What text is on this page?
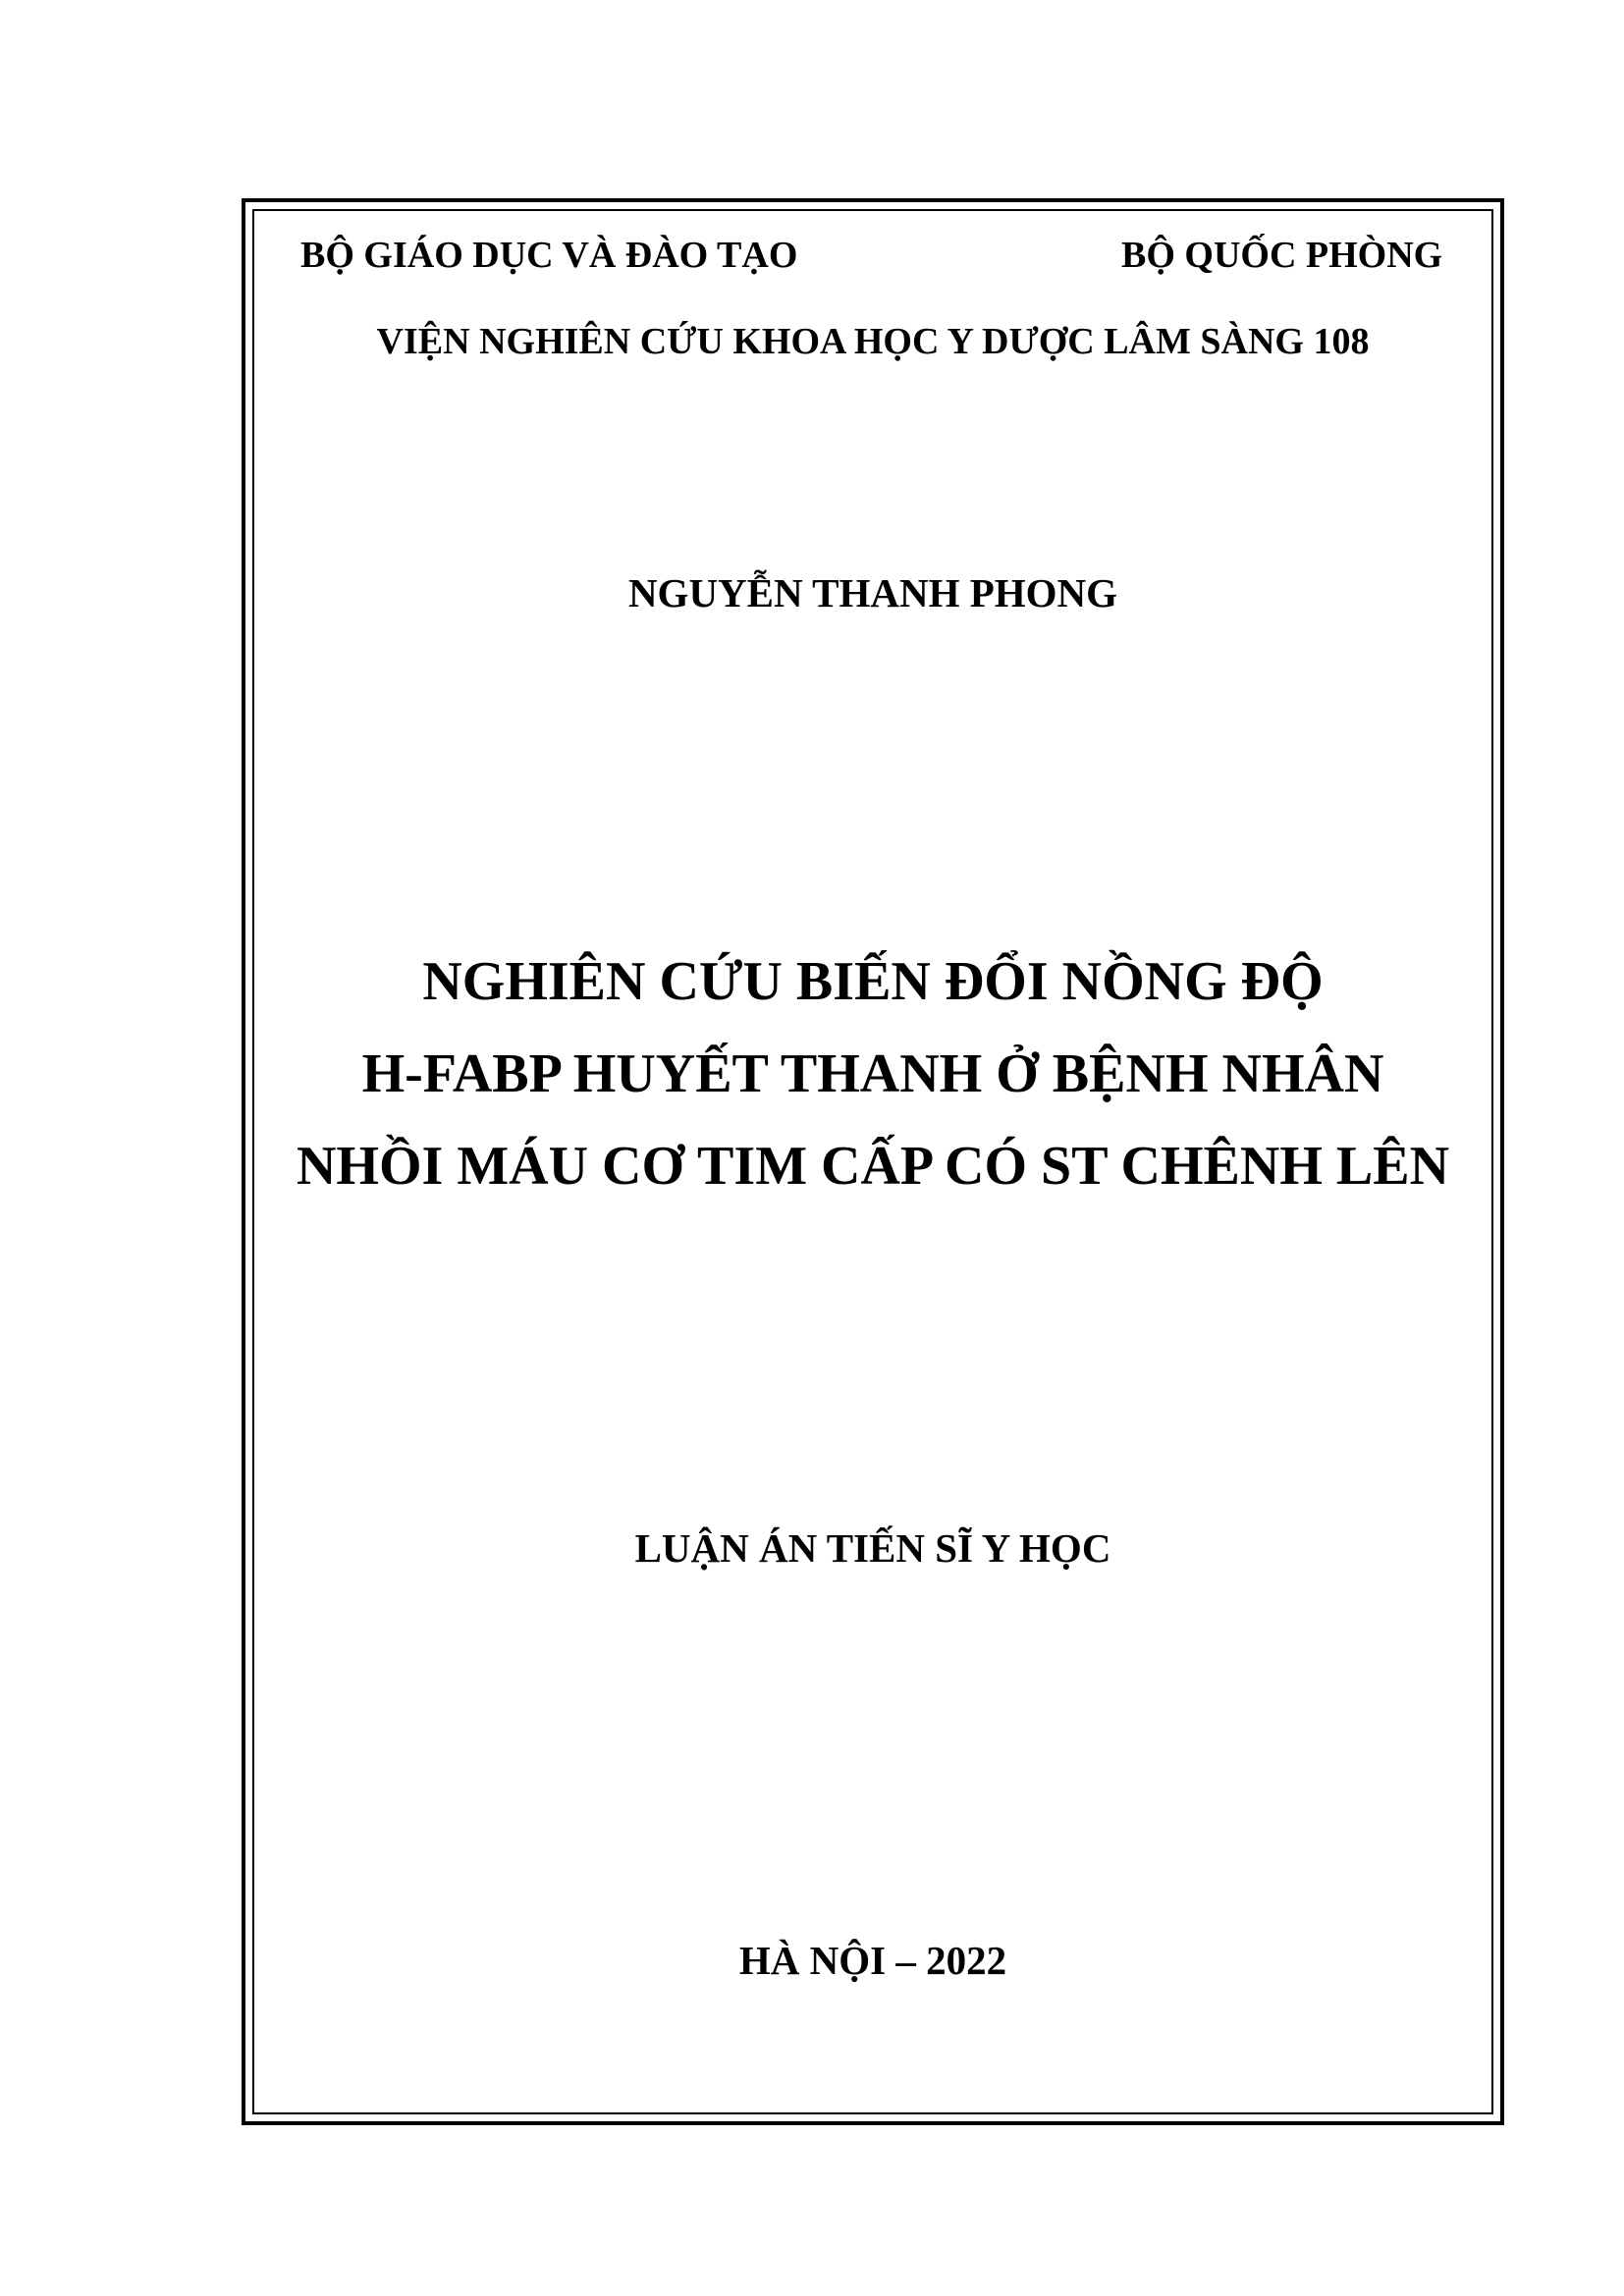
BỘ GIÁO DỤC VÀ ĐÀO TẠO	BỘ QUỐC PHÒNG

VIỆN NGHIÊN CỨU KHOA HỌC Y DƯỢC LÂM SÀNG 108

NGUYỄN THANH PHONG

NGHIÊN CỨU BIẾN ĐỔI NỒNG ĐỘ

H-FABP HUYẾT THANH Ở BỆNH NHÂN

NHỒI MÁU CƠ TIM CẤP CÓ ST CHÊNH LÊN

LUẬN ÁN TIẾN SĨ Y HỌC

HÀ NỘI – 2022
